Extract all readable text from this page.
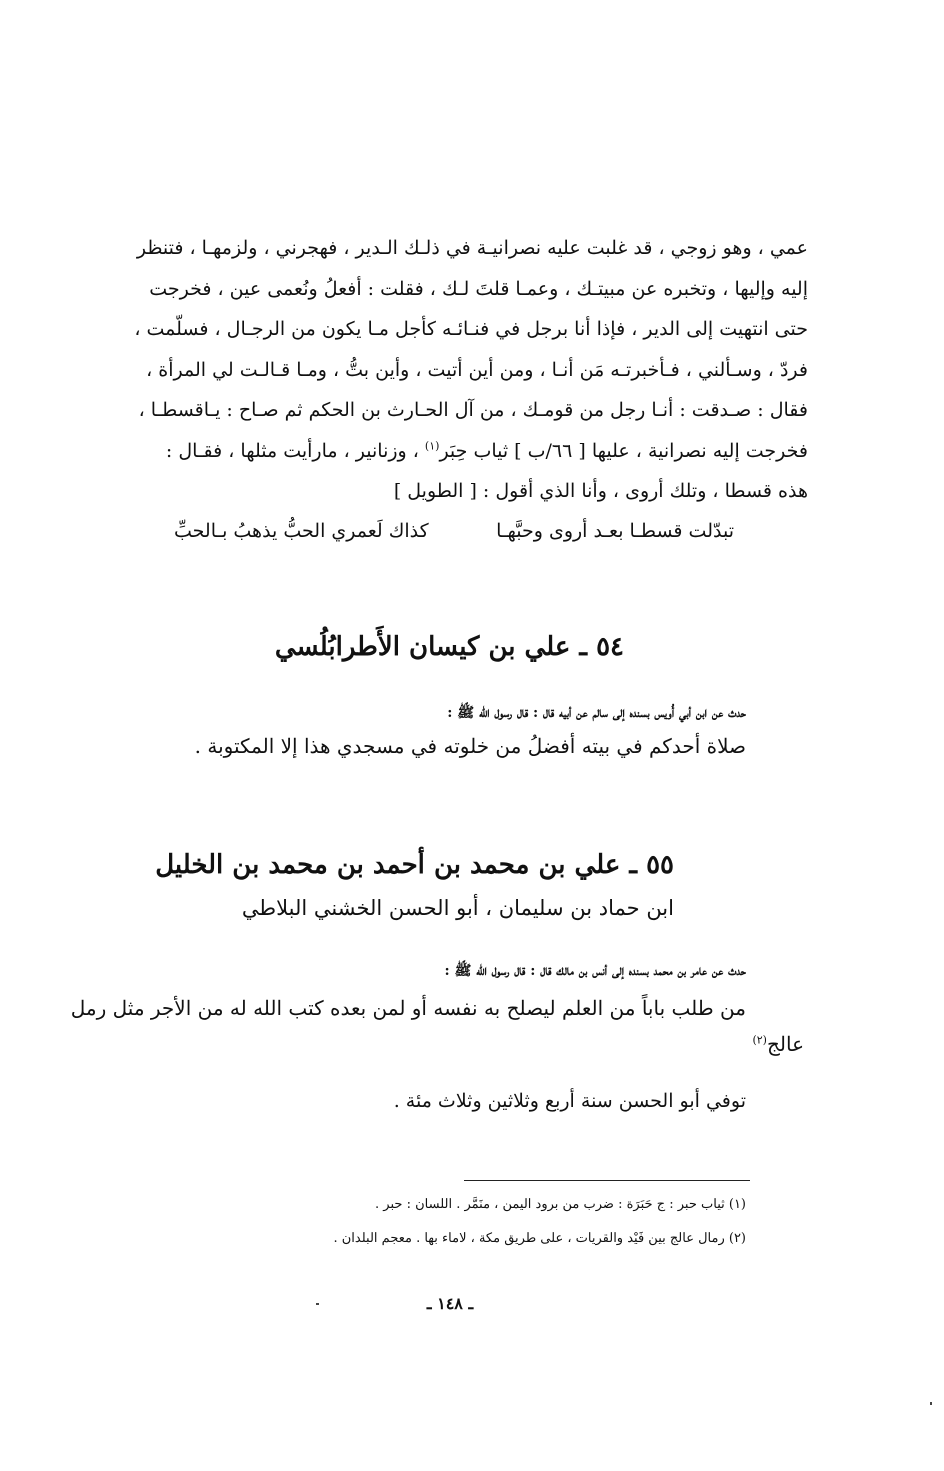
عمي ، وهو زوجي ، قد غلبت عليه نصرانيـة في ذلـك الـدير ، فهجرني ، ولزمهـا ، فتنظر
إليه وإليها ، وتخبره عن مبيتـك ، وعمـا قلتَ لـك ، فقلت : أفعلُ ونُعمى عين ، فخرجت
حتى انتهيت إلى الدير ، فإذا أنا برجل في فنـائـه كأجل مـا يكون من الرجـال ، فسلّمت ،
فردّ ، وسـألني ، فـأخبرتـه مَن أنـا ، ومن أين أتيت ، وأين بتُّ ، ومـا قـالـت لي المرأة ،
فقال : صـدقت : أنـا رجل من قومـك ، من آل الحـارث بن الحكم ثم صـاح : يـاقسطـا ،
فخرجت إليه نصرانية ، عليها [ ٦٦/ب ] ثياب حِبَر$^{(١)}$ ، وزنانير ، مارأيت مثلها ، فقـال :
هذه قسطا ، وتلك أروى ، وأنا الذي أقول : [ الطويل ]
تبدّلت قسطـا بعـد أروى وحبَّهـا
كذاك لَعمري الحبُّ يذهبُ بـالحبِّ
٥٤ ـ علي بن كيسان الأَطرابُلُسي
حدث عن ابن أبي أُويس بسنده إلى سالم عن أبيه قال : قال رسول الله ﷺ :
صلاة أحدكم في بيته أفضلُ من خلوته في مسجدي هذا إلا المكتوبة .
٥٥ ـ علي بن محمد بن أحمد بن محمد بن الخليل
ابن حماد بن سليمان ، أبو الحسن الخشني البلاطي
حدث عن عامر بن محمد بسنده إلى أنس بن مالك قال : قال رسول الله ﷺ :
من طلب باباً من العلم ليصلح به نفسه أو لمن بعده كتب الله له من الأجر مثل رمل
عالج$^{(٢)}$
توفي أبو الحسن سنة أربع وثلاثين وثلاث مئة .
(١) ثياب حبر : ج حَبَرَة : ضرب من برود اليمن ، منَمَّر . اللسان : حبر .
(٢) رمال عالج بين فَيْد والقريات ، على طريق مكة ، لاماء بها . معجم البلدان .
ـ ١٤٨ ـ
